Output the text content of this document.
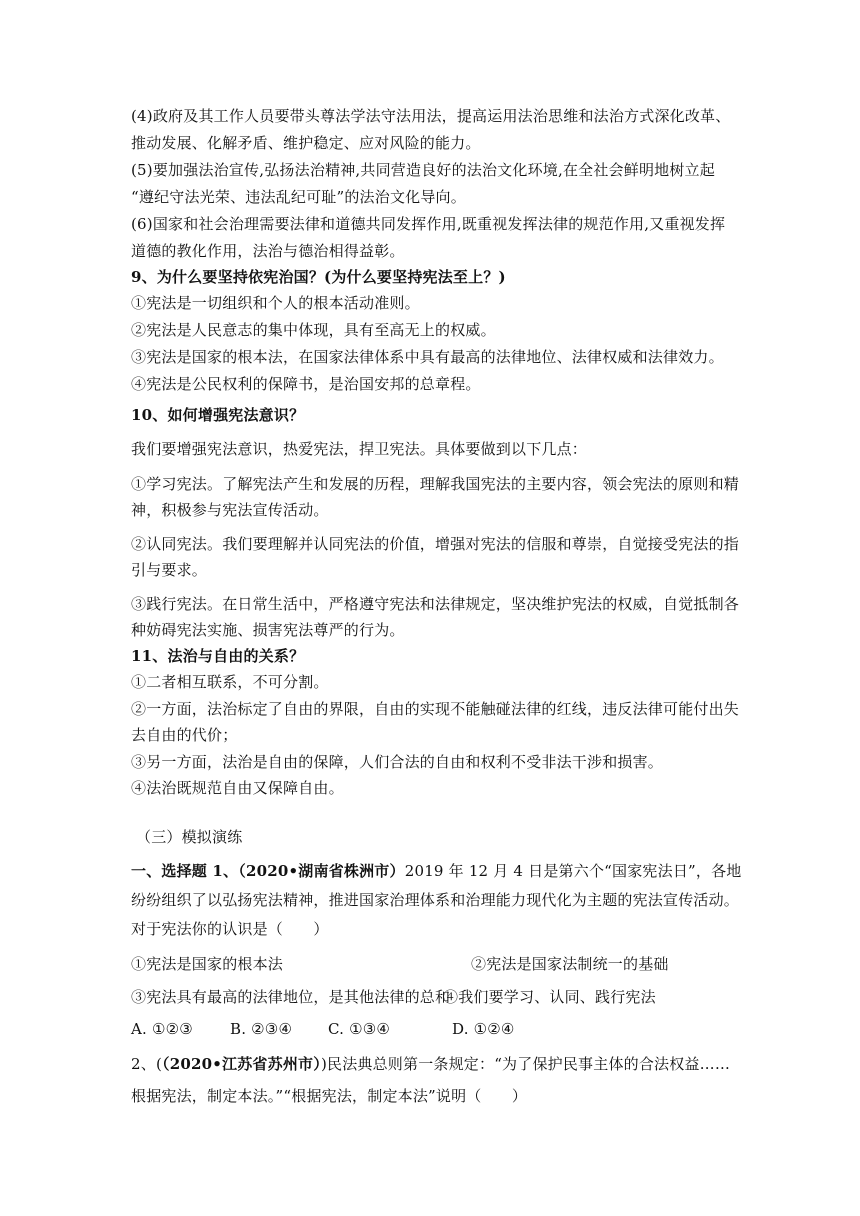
(4)政府及其工作人员要带头尊法学法守法用法，提高运用法治思维和法治方式深化改革、
推动发展、化解矛盾、维护稳定、应对风险的能力。
(5)要加强法治宣传,弘扬法治精神,共同营造良好的法治文化环境,在全社会鲜明地树立起
“遵纪守法光荣、违法乱纪可耻”的法治文化导向。
(6)国家和社会治理需要法律和道德共同发挥作用,既重视发挥法律的规范作用,又重视发挥
道德的教化作用，法治与德治相得益彰。
9、为什么要坚持依宪治国？(为什么要坚持宪法至上？)
①宪法是一切组织和个人的根本活动准则。
②宪法是人民意志的集中体现，具有至高无上的权威。
③宪法是国家的根本法，在国家法律体系中具有最高的法律地位、法律权威和法律效力。
④宪法是公民权利的保障书，是治国安邦的总章程。
10、如何增强宪法意识？
我们要增强宪法意识，热爱宪法，捍卫宪法。具体要做到以下几点：
①学习宪法。了解宪法产生和发展的历程，理解我国宪法的主要内容，领会宪法的原则和精
神，积极参与宪法宣传活动。
②认同宪法。我们要理解并认同宪法的价值，增强对宪法的信服和尊崇，自觉接受宪法的指
引与要求。
③践行宪法。在日常生活中，严格遵守宪法和法律规定，坚决维护宪法的权威，自觉抵制各
种妨碍宪法实施、损害宪法尊严的行为。
11、法治与自由的关系？
①二者相互联系，不可分割。
②一方面，法治标定了自由的界限，自由的实现不能触碰法律的红线，违反法律可能付出失
去自由的代价；
③另一方面，法治是自由的保障，人们合法的自由和权利不受非法干涉和损害。
④法治既规范自由又保障自由。
（三）模拟演练
一、选择题 1、（2020•湖南省株洲市）2019 年 12 月 4 日是第六个“国家宪法日”，各地
纷纷组织了以弘扬宪法精神，推进国家治理体系和治理能力现代化为主题的宪法宣传活动。
对于宪法你的认识是（　　）
①宪法是国家的根本法	②宪法是国家法制统一的基础
③宪法具有最高的法律地位，是其他法律的总和
④我们要学习、认同、践行宪法
A. ①②③ B. ②③④ C. ①③④	D. ①②④
2、(（2020•江苏省苏州市）)民法典总则第一条规定：“为了保护民事主体的合法权益……
根据宪法，制定本法。”“根据宪法，制定本法”说明（　　）
